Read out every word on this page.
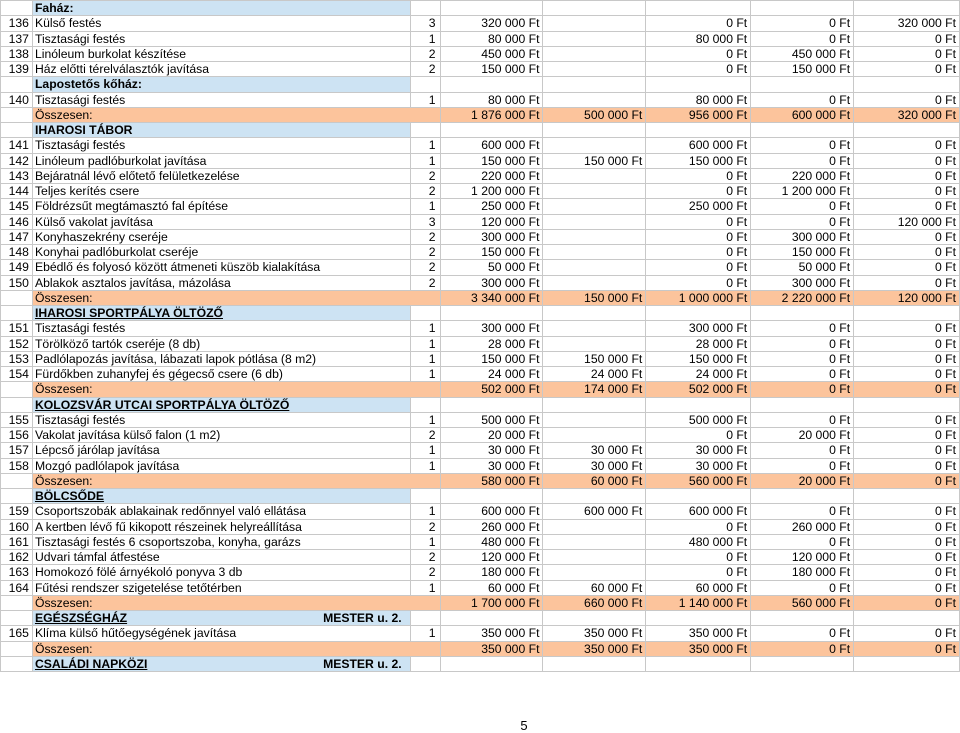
	Faház:						
136	Külső festés	3	320 000 Ft		0 Ft	0 Ft	320 000 Ft
137	Tisztasági festés	1	80 000 Ft		80 000 Ft	0 Ft	0 Ft
138	Linóleum burkolat készítése	2	450 000 Ft		0 Ft	450 000 Ft	0 Ft
139	Ház előtti térelválasztók javítása	2	150 000 Ft		0 Ft	150 000 Ft	0 Ft
	Lapostetős kőház:						
140	Tisztasági festés	1	80 000 Ft		80 000 Ft	0 Ft	0 Ft
	Összesen:		1 876 000 Ft	500 000 Ft	956 000 Ft	600 000 Ft	320 000 Ft
	IHAROSI TÁBOR						
141	Tisztasági festés	1	600 000 Ft		600 000 Ft	0 Ft	0 Ft
142	Linóleum padlóburkolat javítása	1	150 000 Ft	150 000 Ft	150 000 Ft	0 Ft	0 Ft
143	Bejáratnál lévő előtető felületkezelése	2	220 000 Ft		0 Ft	220 000 Ft	0 Ft
144	Teljes kerítés csere	2	1 200 000 Ft		0 Ft	1 200 000 Ft	0 Ft
145	Földrézsűt megtámasztó fal építése	1	250 000 Ft		250 000 Ft	0 Ft	0 Ft
146	Külső vakolat javítása	3	120 000 Ft		0 Ft	0 Ft	120 000 Ft
147	Konyhaszekrény cseréje	2	300 000 Ft		0 Ft	300 000 Ft	0 Ft
148	Konyhai padlóburkolat cseréje	2	150 000 Ft		0 Ft	150 000 Ft	0 Ft
149	Ebédlő és folyosó között átmeneti küszöb kialakítása	2	50 000 Ft		0 Ft	50 000 Ft	0 Ft
150	Ablakok asztalos javítása, mázolása	2	300 000 Ft		0 Ft	300 000 Ft	0 Ft
	Összesen:		3 340 000 Ft	150 000 Ft	1 000 000 Ft	2 220 000 Ft	120 000 Ft
	IHAROSI SPORTPÁLYA ÖLTÖZŐ						
151	Tisztasági festés	1	300 000 Ft		300 000 Ft	0 Ft	0 Ft
152	Törölköző tartók cseréje (8 db)	1	28 000 Ft		28 000 Ft	0 Ft	0 Ft
153	Padlólapozás javítása, lábazati lapok pótlása (8 m2)	1	150 000 Ft	150 000 Ft	150 000 Ft	0 Ft	0 Ft
154	Fürdőkben zuhanyfej és gégecső csere (6 db)	1	24 000 Ft	24 000 Ft	24 000 Ft	0 Ft	0 Ft
	Összesen:		502 000 Ft	174 000 Ft	502 000 Ft	0 Ft	0 Ft
	KOLOZSVÁR UTCAI SPORTPÁLYA ÖLTÖZŐ						
155	Tisztasági festés	1	500 000 Ft		500 000 Ft	0 Ft	0 Ft
156	Vakolat javítása külső falon (1 m2)	2	20 000 Ft		0 Ft	20 000 Ft	0 Ft
157	Lépcső járólap javítása	1	30 000 Ft	30 000 Ft	30 000 Ft	0 Ft	0 Ft
158	Mozgó padlólapok javítása	1	30 000 Ft	30 000 Ft	30 000 Ft	0 Ft	0 Ft
	Összesen:		580 000 Ft	60 000 Ft	560 000 Ft	20 000 Ft	0 Ft
	BÖLCSŐDE						
159	Csoportszobák ablakainak redőnnyel való ellátása	1	600 000 Ft	600 000 Ft	600 000 Ft	0 Ft	0 Ft
160	A kertben lévő fű kikopott részeinek helyreállítása	2	260 000 Ft		0 Ft	260 000 Ft	0 Ft
161	Tisztasági festés 6 csoportszoba, konyha, garázs	1	480 000 Ft		480 000 Ft	0 Ft	0 Ft
162	Udvari támfal átfestése	2	120 000 Ft		0 Ft	120 000 Ft	0 Ft
163	Homokozó fölé árnyékoló ponyva 3 db	2	180 000 Ft		0 Ft	180 000 Ft	0 Ft
164	Fűtési rendszer szigetelése tetőtérben	1	60 000 Ft	60 000 Ft	60 000 Ft	0 Ft	0 Ft
	Összesen:		1 700 000 Ft	660 000 Ft	1 140 000 Ft	560 000 Ft	0 Ft
	EGÉSZSÉGHÁZ MESTER u. 2.						

165	Klíma külső hűtőegységének javítása	1	350 000 Ft	350 000 Ft	350 000 Ft	0 Ft	0 Ft
	Összesen:		350 000 Ft	350 000 Ft	350 000 Ft	0 Ft	0 Ft
	CSALÁDI NAPKÖZI MESTER u. 2.						

5
